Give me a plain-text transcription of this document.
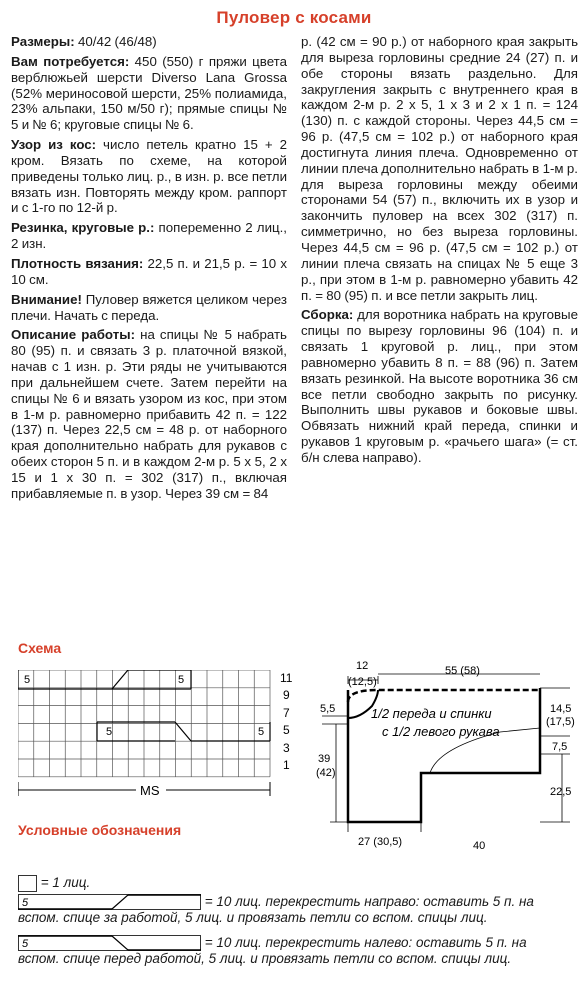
Пуловер с косами

Размеры: 40/42 (46/48)

Вам потребуется: 450 (550) г пряжи цвета верблюжьей шерсти Diverso Lana Grossa (52% мериносовой шерсти, 25% полиамида, 23% альпаки, 150 м/50 г); прямые спицы № 5 и № 6; круговые спицы № 6.

Узор из кос: число петель кратно 15 + 2 кром. Вязать по схеме, на которой приведены только лиц. р., в изн. р. все петли вязать изн. Повторять между кром. раппорт и с 1-го по 12-й р.

Резинка, круговые р.: попеременно 2 лиц., 2 изн.

Плотность вязания: 22,5 п. и 21,5 р. = 10 х 10 см.

Внимание! Пуловер вяжется целиком через плечи. Начать с переда.

Описание работы: на спицы № 5 набрать 80 (95) п. и связать 3 р. платочной вязкой, начав с 1 изн. р. Эти ряды не учитываются при дальнейшем счете. Затем перейти на спицы № 6 и вязать узором из кос, при этом в 1-м р. равномерно прибавить 42 п. = 122 (137) п. Через 22,5 см = 48 р. от наборного края дополнительно набрать для рукавов с обеих сторон 5 п. и в каждом 2-м р. 5 х 5, 2 х 15 и 1 х 30 п. = 302 (317) п., включая прибавляемые п. в узор. Через 39 см = 84

р. (42 см = 90 р.) от наборного края закрыть для выреза горловины средние 24 (27) п. и обе стороны вязать раздельно. Для закругления закрыть с внутреннего края в каждом 2-м р. 2 х 5, 1 х 3 и 2 х 1 п. = 124 (130) п. с каждой стороны. Через 44,5 см = 96 р. (47,5 см = 102 р.) от наборного края достигнута линия плеча. Одновременно от линии плеча дополнительно набрать в 1-м р. для выреза горловины между обеими сторонами 54 (57) п., включить их в узор и закончить пуловер на всех 302 (317) п. симметрично, но без выреза горловины. Через 44,5 см = 96 р. (47,5 см = 102 р.) от линии плеча связать на спицах № 5 еще 3 р., при этом в 1-м р. равномерно убавить 42 п. = 80 (95) п. и все петли закрыть лиц.

Сборка: для воротника набрать на круговые спицы по вырезу горловины 96 (104) п. и связать 1 круговой р. лиц., при этом равномерно убавить 8 п. = 88 (96) п. Затем вязать резинкой. На высоте воротника 36 см все петли свободно закрыть по рисунку. Выполнить швы рукавов и боковые швы. Обвязать нижний край переда, спинки и рукавов 1 круговым р. «рачьего шага» (= ст. б/н слева направо).

Схема
5	5
5	5
11
9
7
5
3
1
MS
12
(12,5)
55 (58)
5,5
39
(42)
14,5
(17,5)
7,5
22,5
27 (30,5)	40
1/2 переда и спинки
с 1/2 левого рукава
Условные обозначения
= 1 лиц.
5	= 10 лиц. перекрестить направо: оставить 5 п. на вспом. спице за работой, 5 лиц. и провязать петли со вспом. спицы лиц.
5	= 10 лиц. перекрестить налево: оставить 5 п. на вспом. спице перед работой, 5 лиц. и провязать петли со вспом. спицы лиц.
